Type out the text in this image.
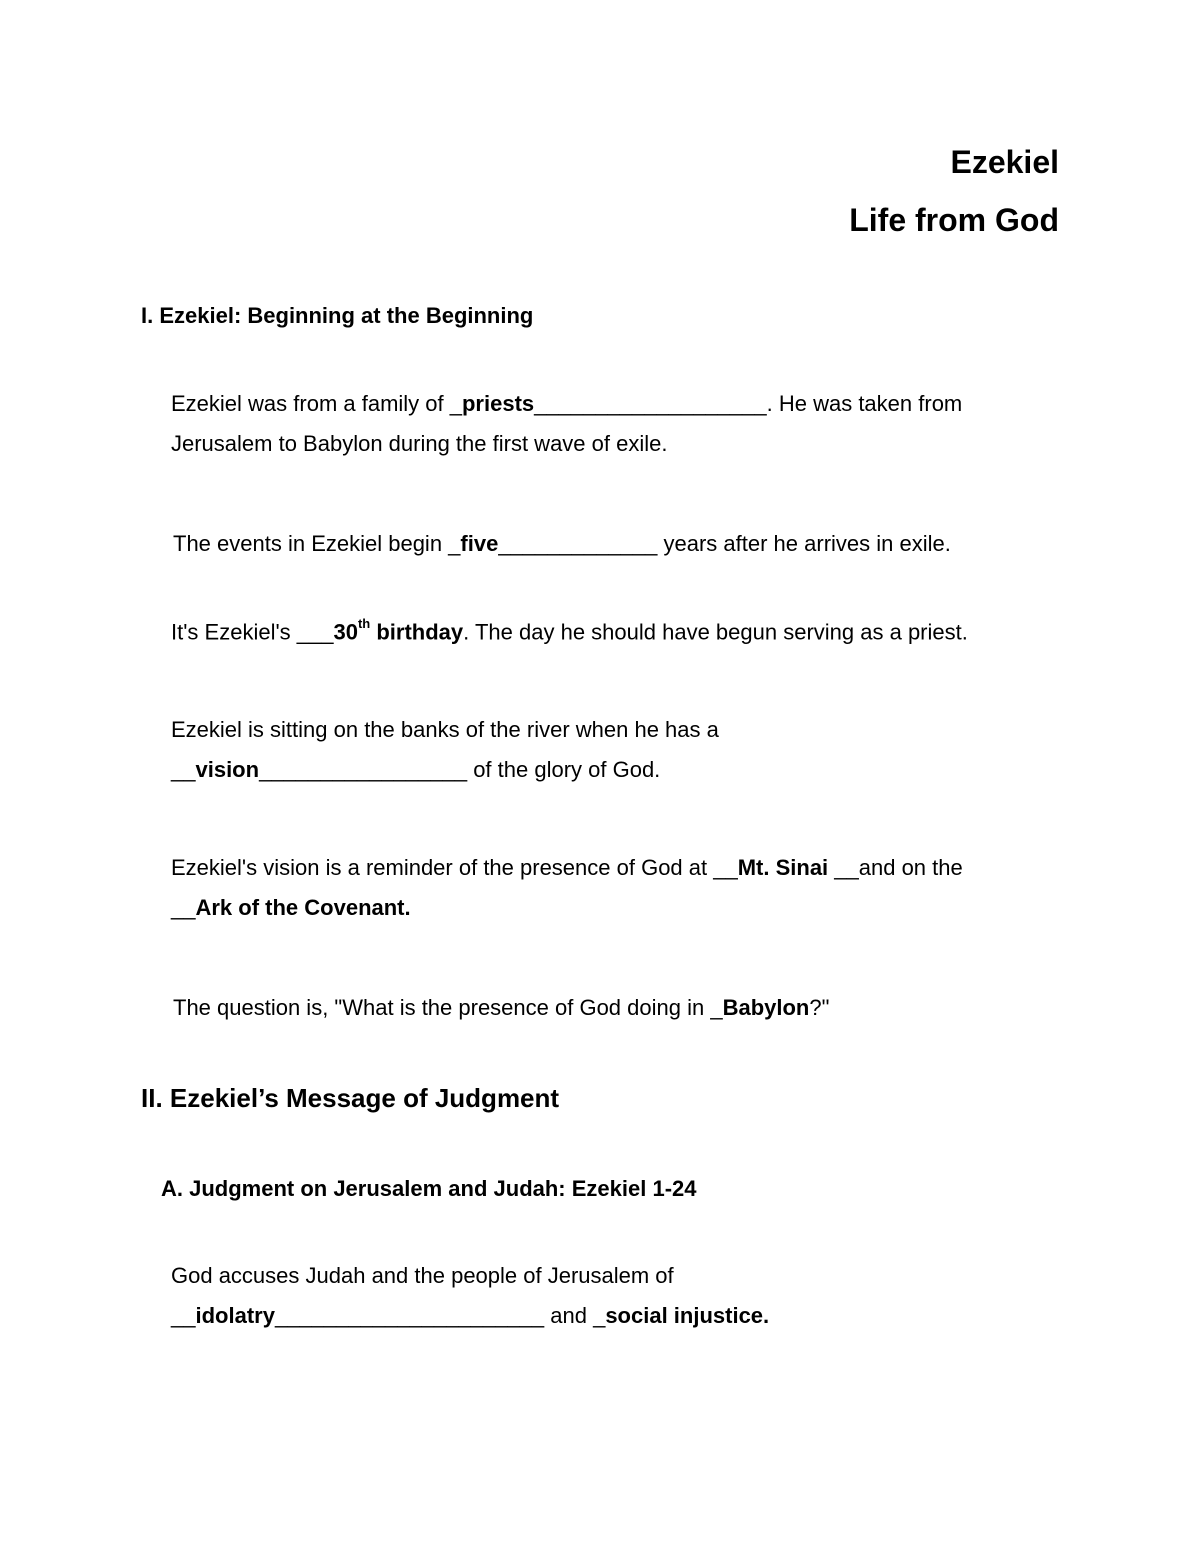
Ezekiel
Life from God
I. Ezekiel: Beginning at the Beginning
Ezekiel was from a family of _priests___________________. He was taken from
Jerusalem to Babylon during the first wave of exile.
The events in Ezekiel begin _five_____________ years after he arrives in exile.
It's Ezekiel's ___30th birthday. The day he should have begun serving as a priest.
Ezekiel is sitting on the banks of the river when he has a
__vision_________________ of the glory of God.
Ezekiel's vision is a reminder of the presence of God at __Mt. Sinai __and on the
__Ark of the Covenant.
The question is, "What is the presence of God doing in _Babylon?"
II. Ezekiel’s Message of Judgment
A. Judgment on Jerusalem and Judah: Ezekiel 1-24
God accuses Judah and the people of Jerusalem of
__idolatry______________________ and _social injustice.
